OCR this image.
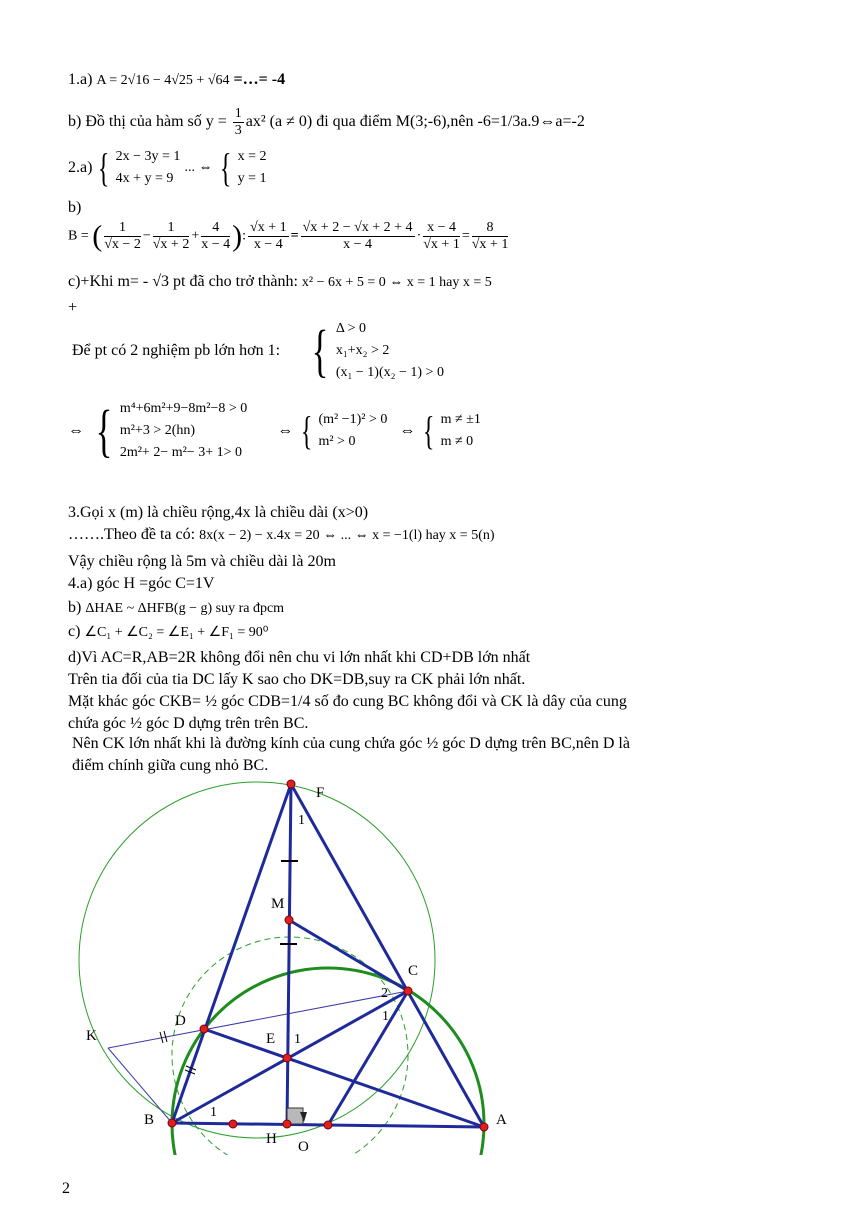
1.a) A = 2√16 − 4√25 + √64 =…= -4
b) Đồ thị của hàm số $y = \frac{1}{3} ax^2$ (a ≠ 0) đi qua điểm M(3;-6),nên -6=1/3a.9⇔a=-2
2.a) { 2x − 3y = 1
4x + y = 9
... ⇔ { x = 2
y = 1
b)
B = ( $\frac{1}{√x - 2} - \frac{1}{√x + 2} + \frac{4}{x - 4}$ ): $\frac{√x + 1}{x - 4} = \frac{√x + 2 - √x + 2 + 4}{x - 4} \cdot \frac{x - 4}{√x + 1} = \frac{8}{√x + 1}$
c)+Khi m= - √3 pt đã cho trở thành: x² − 6x + 5 = 0 ⇔ x = 1 hay x = 5
+
Để pt có 2 nghiệm pb lớn hơn 1: { Δ > 0
x₁+x₂ > 2
(x₁ − 1)(x₂ − 1) > 0
⇔ { m⁴+6m²+9−8m²−8 > 0
m²+3 > 2(hn)
2m²+ 2− m²− 3+ 1> 0
⇔ { (m² −1)² > 0
m² > 0
⇔ { m ≠ ±1
m ≠ 0
3.Gọi x (m) là chiều rộng,4x là chiều dài (x>0)
…….Theo đề ta có: 8x(x − 2) − x.4x = 20 ⇔ ... ⇔ x = −1(l) hay x = 5(n)
Vậy chiều rộng là 5m và chiều dài là 20m
4.a) góc H =góc C=1V
b) ΔHAE ~ ΔHFB(g − g) suy ra đpcm
c) ∠C₁ + ∠C₂ = ∠E₁ + ∠F₁ = 90⁰
d)Vì AC=R,AB=2R không đổi nên chu vi lớn nhất khi CD+DB lớn nhất
Trên tia đối của tia DC lấy K sao cho DK=DB,suy ra CK phải lớn nhất.
Mặt khác góc CKB= ½ góc CDB=1/4 số đo cung BC không đổi và CK là dây của cung
chứa góc ½ góc D dựng trên trên BC.
Nên CK lớn nhất khi là đường kính của cung chứa góc ½ góc D dựng trên BC,nên D là
điểm chính giữa cung nhỏ BC.
F
M
C
D
K	E
B	A
H O
1
2
1
1
1
2
